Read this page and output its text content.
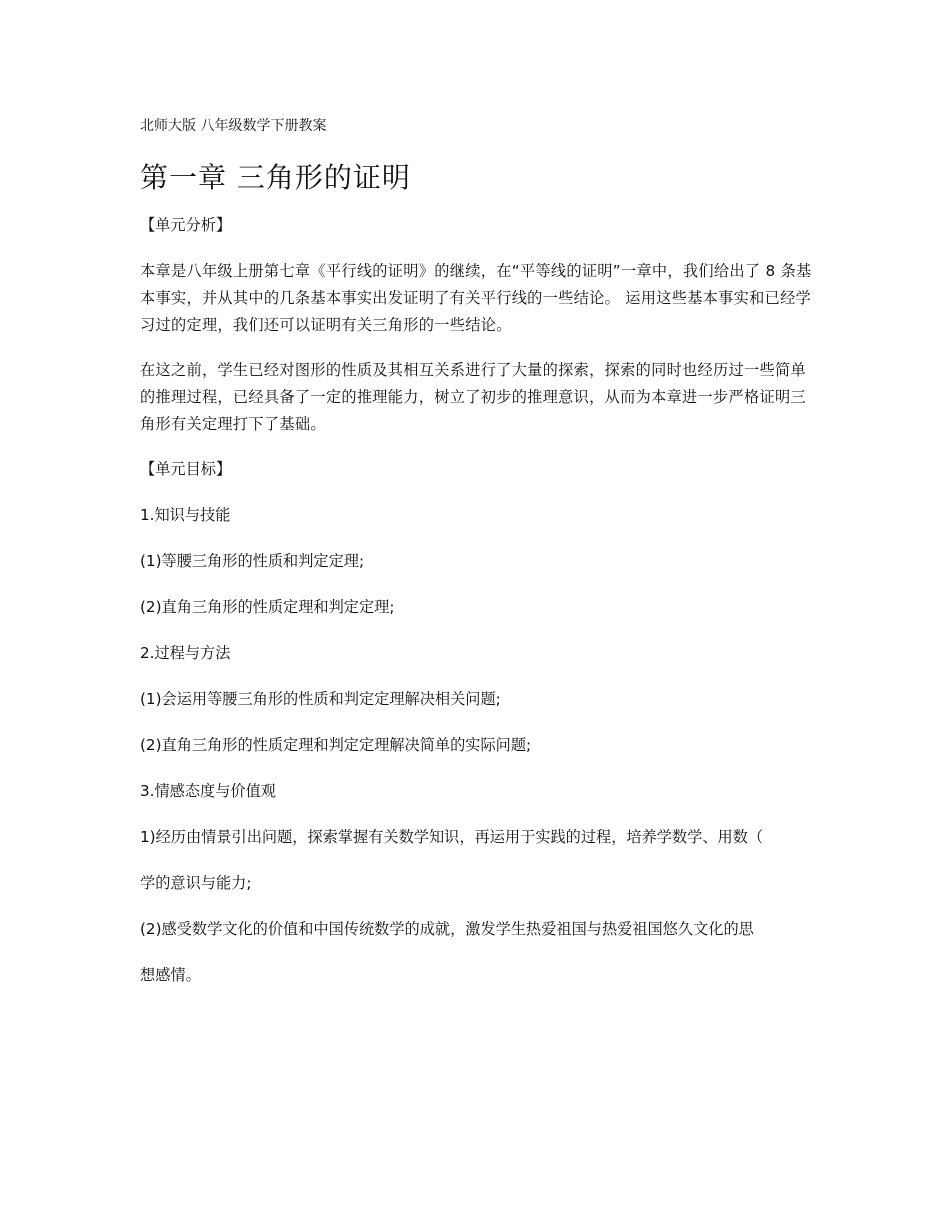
北师大版 八年级数学下册教案
第一章 三角形的证明
【单元分析】

本章是八年级上册第七章《平行线的证明》的继续，在“平等线的证明”一章中，我们给出了 8 条基本事实，并从其中的几条基本事实出发证明了有关平行线的一些结论。 运用这些基本事实和已经学习过的定理，我们还可以证明有关三角形的一些结论。

在这之前，学生已经对图形的性质及其相互关系进行了大量的探索，探索的同时也经历过一些简单的推理过程，已经具备了一定的推理能力，树立了初步的推理意识，从而为本章进一步严格证明三角形有关定理打下了基础。

【单元目标】
1.知识与技能
(1)等腰三角形的性质和判定定理;
(2)直角三角形的性质定理和判定定理;
2.过程与方法
(1)会运用等腰三角形的性质和判定定理解决相关问题;
(2)直角三角形的性质定理和判定定理解决简单的实际问题;
3.情感态度与价值观
1)经历由情景引出问题，探索掌握有关数学知识，再运用于实践的过程，培养学数学、用数（
学的意识与能力;
(2)感受数学文化的价值和中国传统数学的成就，激发学生热爱祖国与热爱祖国悠久文化的思
想感情。
